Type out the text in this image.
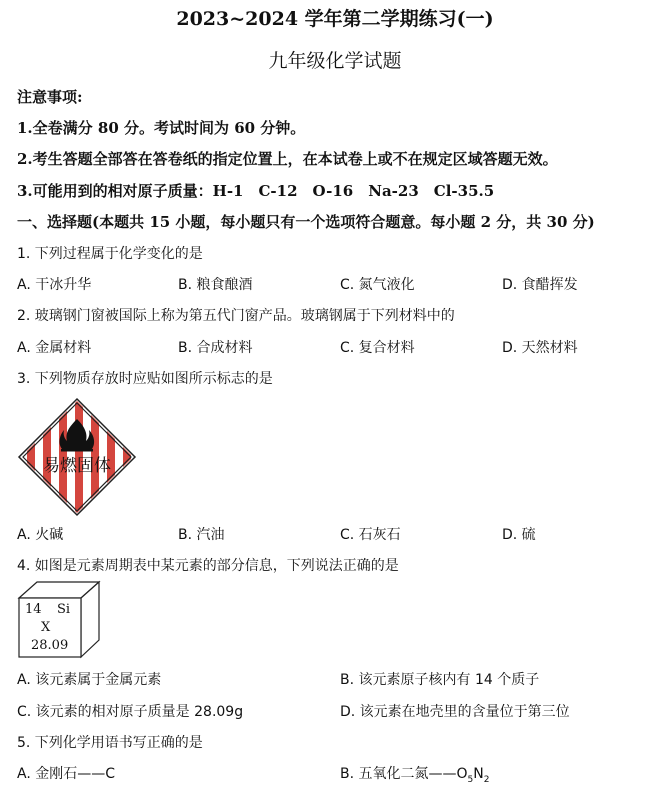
2023~2024 学年第二学期练习(一)
九年级化学试题
注意事项:
1.全卷满分 80 分。考试时间为 60 分钟。
2.考生答题全部答在答卷纸的指定位置上，在本试卷上或不在规定区域答题无效。
3.可能用到的相对原子质量：H-1　C-12　O-16　Na-23　Cl-35.5
一、选择题(本题共 15 小题，每小题只有一个选项符合题意。每小题 2 分，共 30 分)
1. 下列过程属于化学变化的是
A. 干冰升华	B. 粮食酿酒	C. 氮气液化	D. 食醋挥发
2. 玻璃钢门窗被国际上称为第五代门窗产品。玻璃钢属于下列材料中的
A. 金属材料	B. 合成材料	C. 复合材料	D. 天然材料
3. 下列物质存放时应贴如图所示标志的是
易燃固体
A. 火碱	B. 汽油	C. 石灰石	D. 硫
4. 如图是元素周期表中某元素的部分信息，下列说法正确的是
14 Si
X
28.09
A. 该元素属于金属元素	B. 该元素原子核内有 14 个质子
C. 该元素的相对原子质量是 28.09g	D. 该元素在地壳里的含量位于第三位
5. 下列化学用语书写正确的是
A. 金刚石——C	B. 五氧化二氮$——O_5N_2$
